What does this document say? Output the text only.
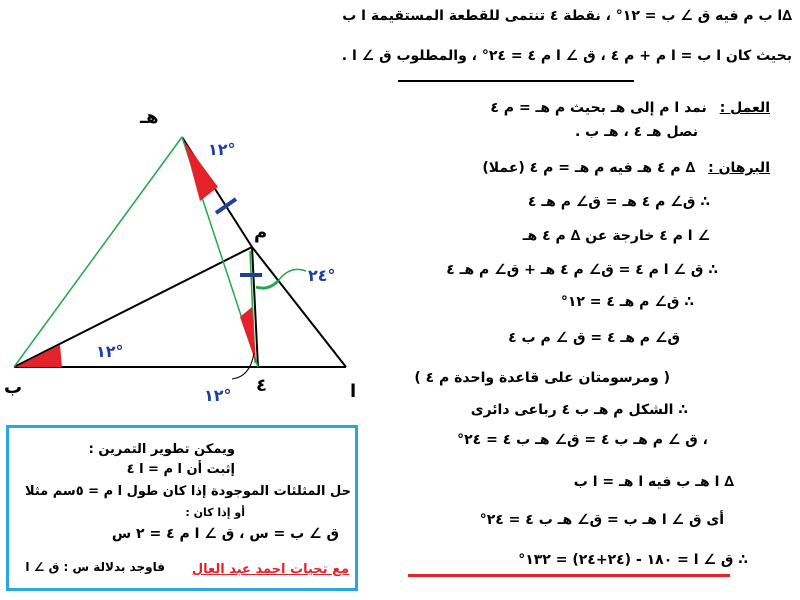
∆ا ب م فيه ق ∠ ب = ١٢° ، نقطة ٤ تنتمى للقطعة المستقيمة ا ب
بحيث كان ا ب = ا م + م ٤ ، ق ∠ ا م ٤ = ٢٤° ، والمطلوب ق ∠ ا .
العمل : نمد ا م إلى هـ بحيث م هـ = م ٤
نصل هـ ٤ ، هـ ب .
البرهان : ∆ م ٤ هـ فيه م هـ = م ٤ (عملا)
∴ ق∠ م ٤ هـ = ق∠ م هـ ٤
∠ ا م ٤ خارجة عن ∆ م ٤ هـ
∴ ق ∠ ا م ٤ = ق∠ م ٤ هـ + ق∠ م هـ ٤
∴ ق∠ م هـ ٤ = ١٢°
ق∠ م هـ ٤ = ق ∠ م ب ٤
( ومرسومتان على قاعدة واحدة م ٤ )
∴ الشكل م هـ ب ٤ رباعى دائرى
، ق ∠ م هـ ب ٤ = ق∠ هـ ب ٤ = ٢٤°
∆ ا هـ ب فيه ا هـ = ا ب
أى ق ∠ ا هـ ب = ق∠ هـ ب ٤ = ٢٤°
∴ ق ∠ ا = ١٨٠ - (٢٤+٢٤) = ١٣٢°
هـ
م
ب	٤	ا
١٢°
٢٤°
١٢°
١٢°
ويمكن تطوير التمرين :
إثبت أن ا م = ا ٤
حل المثلثات الموجودة إذا كان طول ا م = ٥سم مثلا
أو إذا كان :
ق ∠ ب = س ، ق ∠ ا م ٤ = ٢ س
فاوجد بدلالة س : ق ∠ ا مع تحيات احمد عبد العال
